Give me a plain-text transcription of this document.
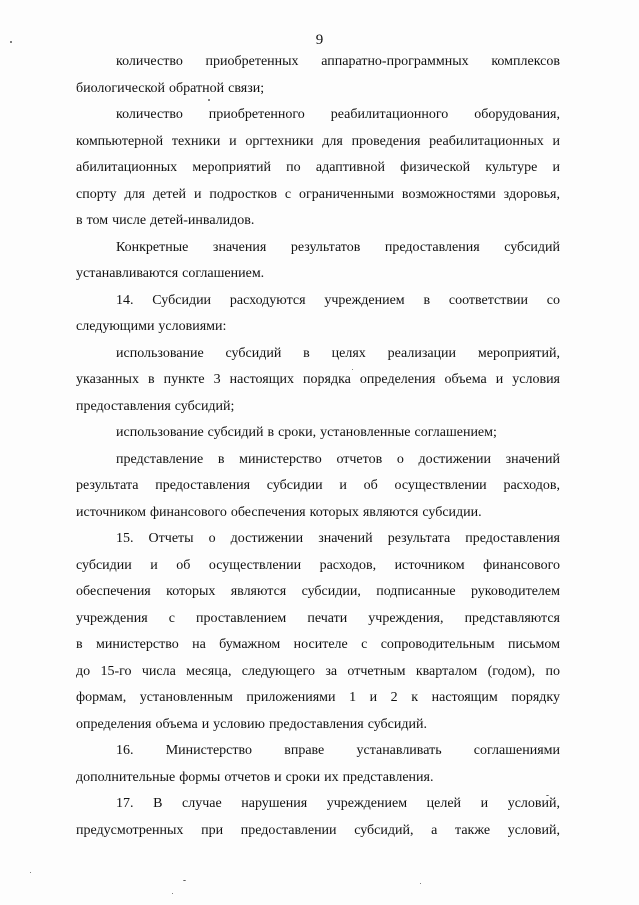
9

количество приобретенных аппаратно-программных комплексов
биологической обратной связи;

количество приобретенного реабилитационного оборудования,
компьютерной техники и оргтехники для проведения реабилитационных и
абилитационных мероприятий по адаптивной физической культуре и
спорту для детей и подростков с ограниченными возможностями здоровья,
в том числе детей-инвалидов.

Конкретные значения результатов предоставления субсидий
устанавливаются соглашением.

14. Субсидии расходуются учреждением в соответствии со
следующими условиями:

использование субсидий в целях реализации мероприятий,
указанных в пункте 3 настоящих порядка определения объема и условия
предоставления субсидий;

использование субсидий в сроки, установленные соглашением;

представление в министерство отчетов о достижении значений
результата предоставления субсидии и об осуществлении расходов,
источником финансового обеспечения которых являются субсидии.

15. Отчеты о достижении значений результата предоставления
субсидии и об осуществлении расходов, источником финансового
обеспечения которых являются субсидии, подписанные руководителем
учреждения с проставлением печати учреждения, представляются
в министерство на бумажном носителе с сопроводительным письмом
до 15-го числа месяца, следующего за отчетным кварталом (годом), по
формам, установленным приложениями 1 и 2 к настоящим порядку
определения объема и условию предоставления субсидий.

16. Министерство вправе устанавливать соглашениями
дополнительные формы отчетов и сроки их представления.

17. В случае нарушения учреждением целей и условий,
предусмотренных при предоставлении субсидий, а также условий,
